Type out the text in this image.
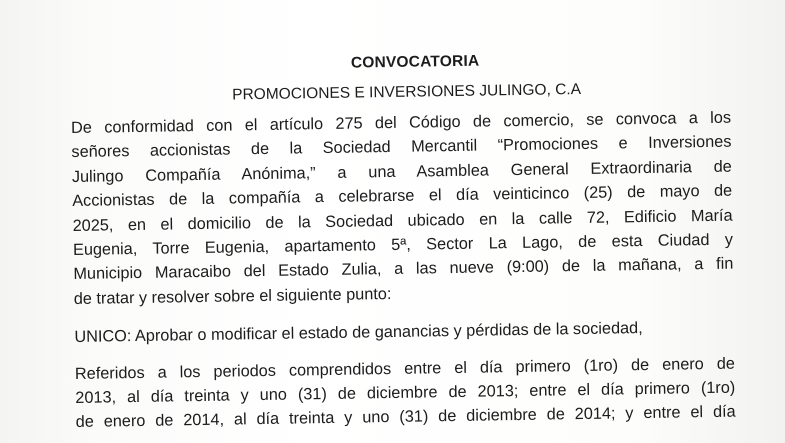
CONVOCATORIA
PROMOCIONES E INVERSIONES JULINGO, C.A
De conformidad con el artículo 275 del Código de comercio, se convoca a los
señores accionistas de la Sociedad Mercantil “Promociones e Inversiones
Julingo Compañía Anónima,” a una Asamblea General Extraordinaria de
Accionistas de la compañía a celebrarse el día veinticinco (25) de mayo de
2025, en el domicilio de la Sociedad ubicado en la calle 72, Edificio María
Eugenia, Torre Eugenia, apartamento 5ª, Sector La Lago, de esta Ciudad y
Municipio Maracaibo del Estado Zulia, a las nueve (9:00) de la mañana, a fin
de tratar y resolver sobre el siguiente punto:
UNICO: Aprobar o modificar el estado de ganancias y pérdidas de la sociedad,
Referidos a los periodos comprendidos entre el día primero (1ro) de enero de
2013, al día treinta y uno (31) de diciembre de 2013; entre el día primero (1ro)
de enero de 2014, al día treinta y uno (31) de diciembre de 2014; y entre el día
